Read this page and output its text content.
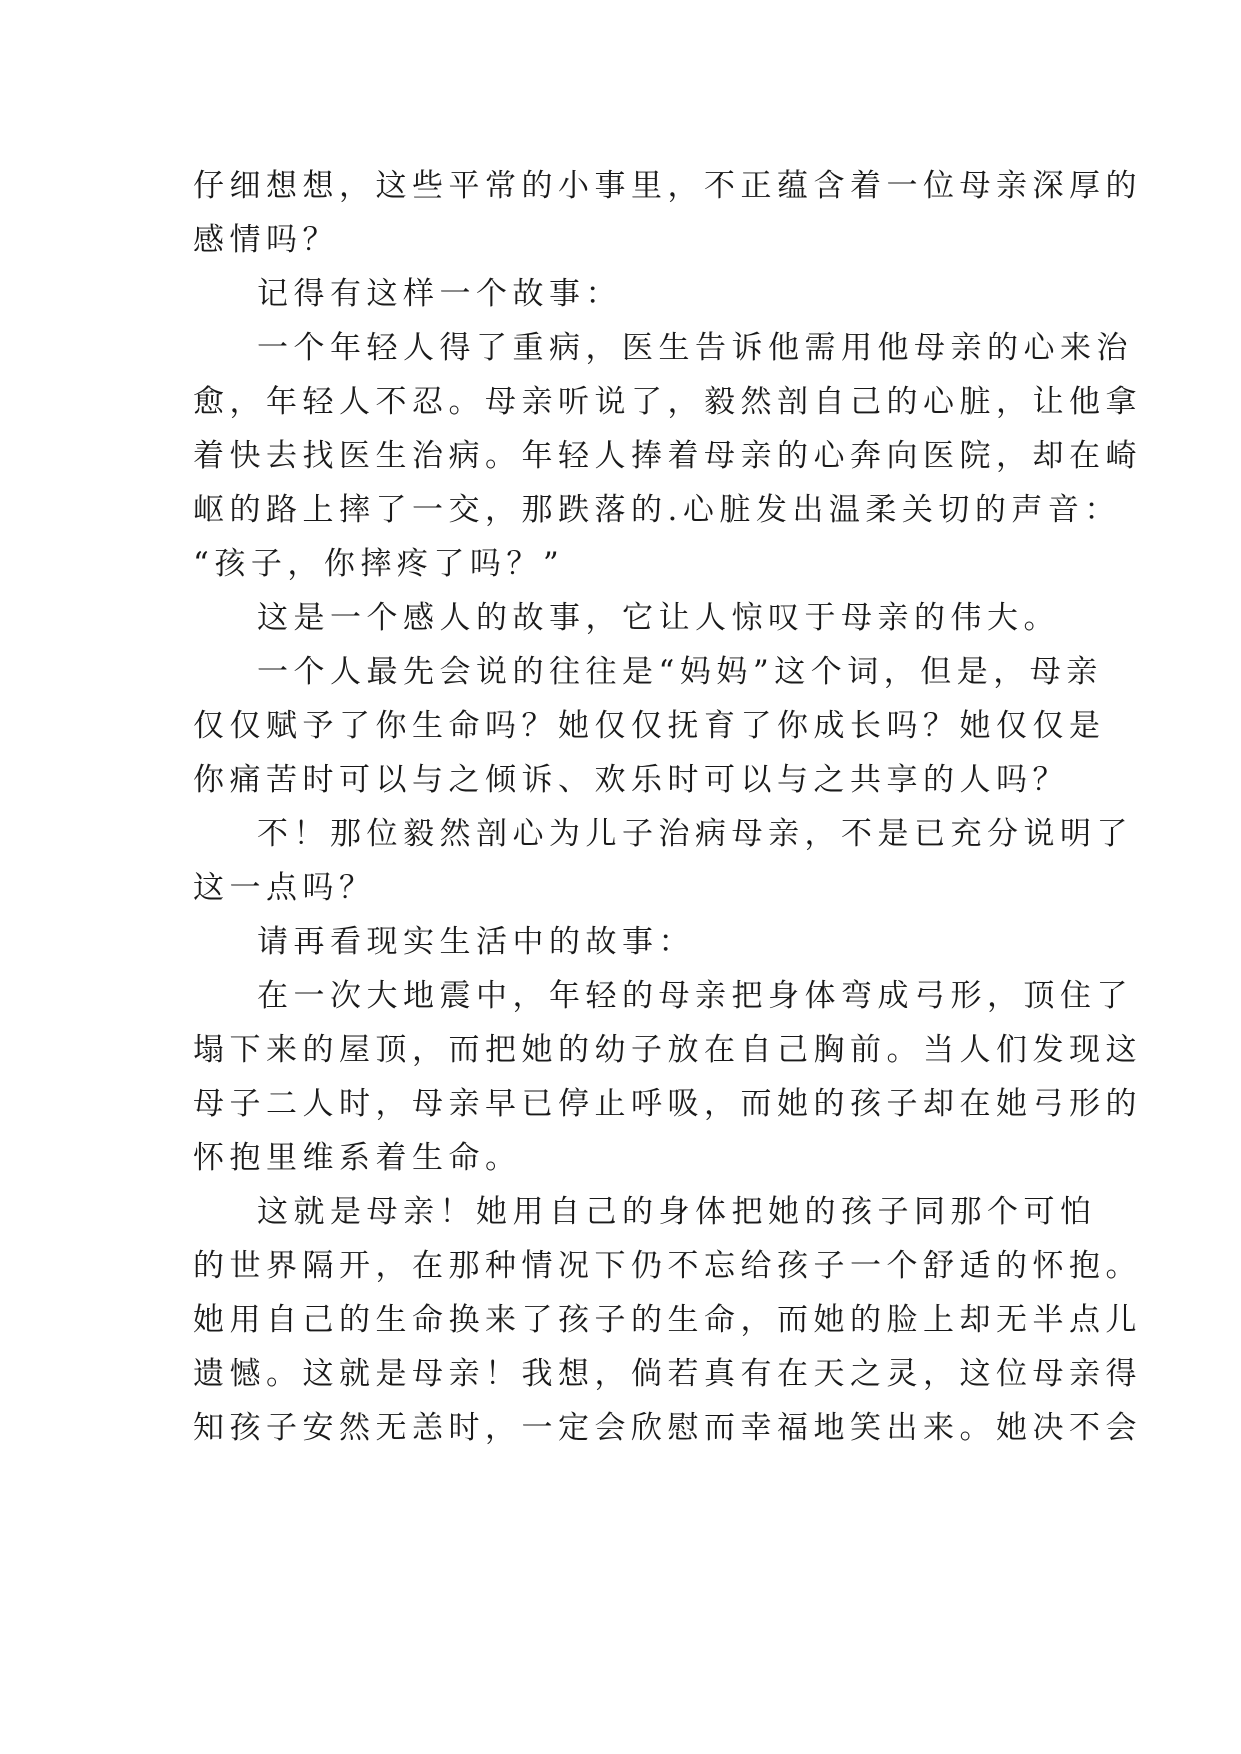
仔细想想，这些平常的小事里，不正蕴含着一位母亲深厚的
感情吗？
记得有这样一个故事：
一个年轻人得了重病，医生告诉他需用他母亲的心来治
愈，年轻人不忍。母亲听说了，毅然剖自己的心脏，让他拿
着快去找医生治病。年轻人捧着母亲的心奔向医院，却在崎
岖的路上摔了一交，那跌落的.心脏发出温柔关切的声音：
“孩子，你摔疼了吗？”
这是一个感人的故事，它让人惊叹于母亲的伟大。
一个人最先会说的往往是“妈妈”这个词，但是，母亲
仅仅赋予了你生命吗？她仅仅抚育了你成长吗？她仅仅是
你痛苦时可以与之倾诉、欢乐时可以与之共享的人吗？
不！那位毅然剖心为儿子治病母亲，不是已充分说明了
这一点吗？
请再看现实生活中的故事：
在一次大地震中，年轻的母亲把身体弯成弓形，顶住了
塌下来的屋顶，而把她的幼子放在自己胸前。当人们发现这
母子二人时，母亲早已停止呼吸，而她的孩子却在她弓形的
怀抱里维系着生命。
这就是母亲！她用自己的身体把她的孩子同那个可怕
的世界隔开，在那种情况下仍不忘给孩子一个舒适的怀抱。
她用自己的生命换来了孩子的生命，而她的脸上却无半点儿
遗憾。这就是母亲！我想，倘若真有在天之灵，这位母亲得
知孩子安然无恙时，一定会欣慰而幸福地笑出来。她决不会
